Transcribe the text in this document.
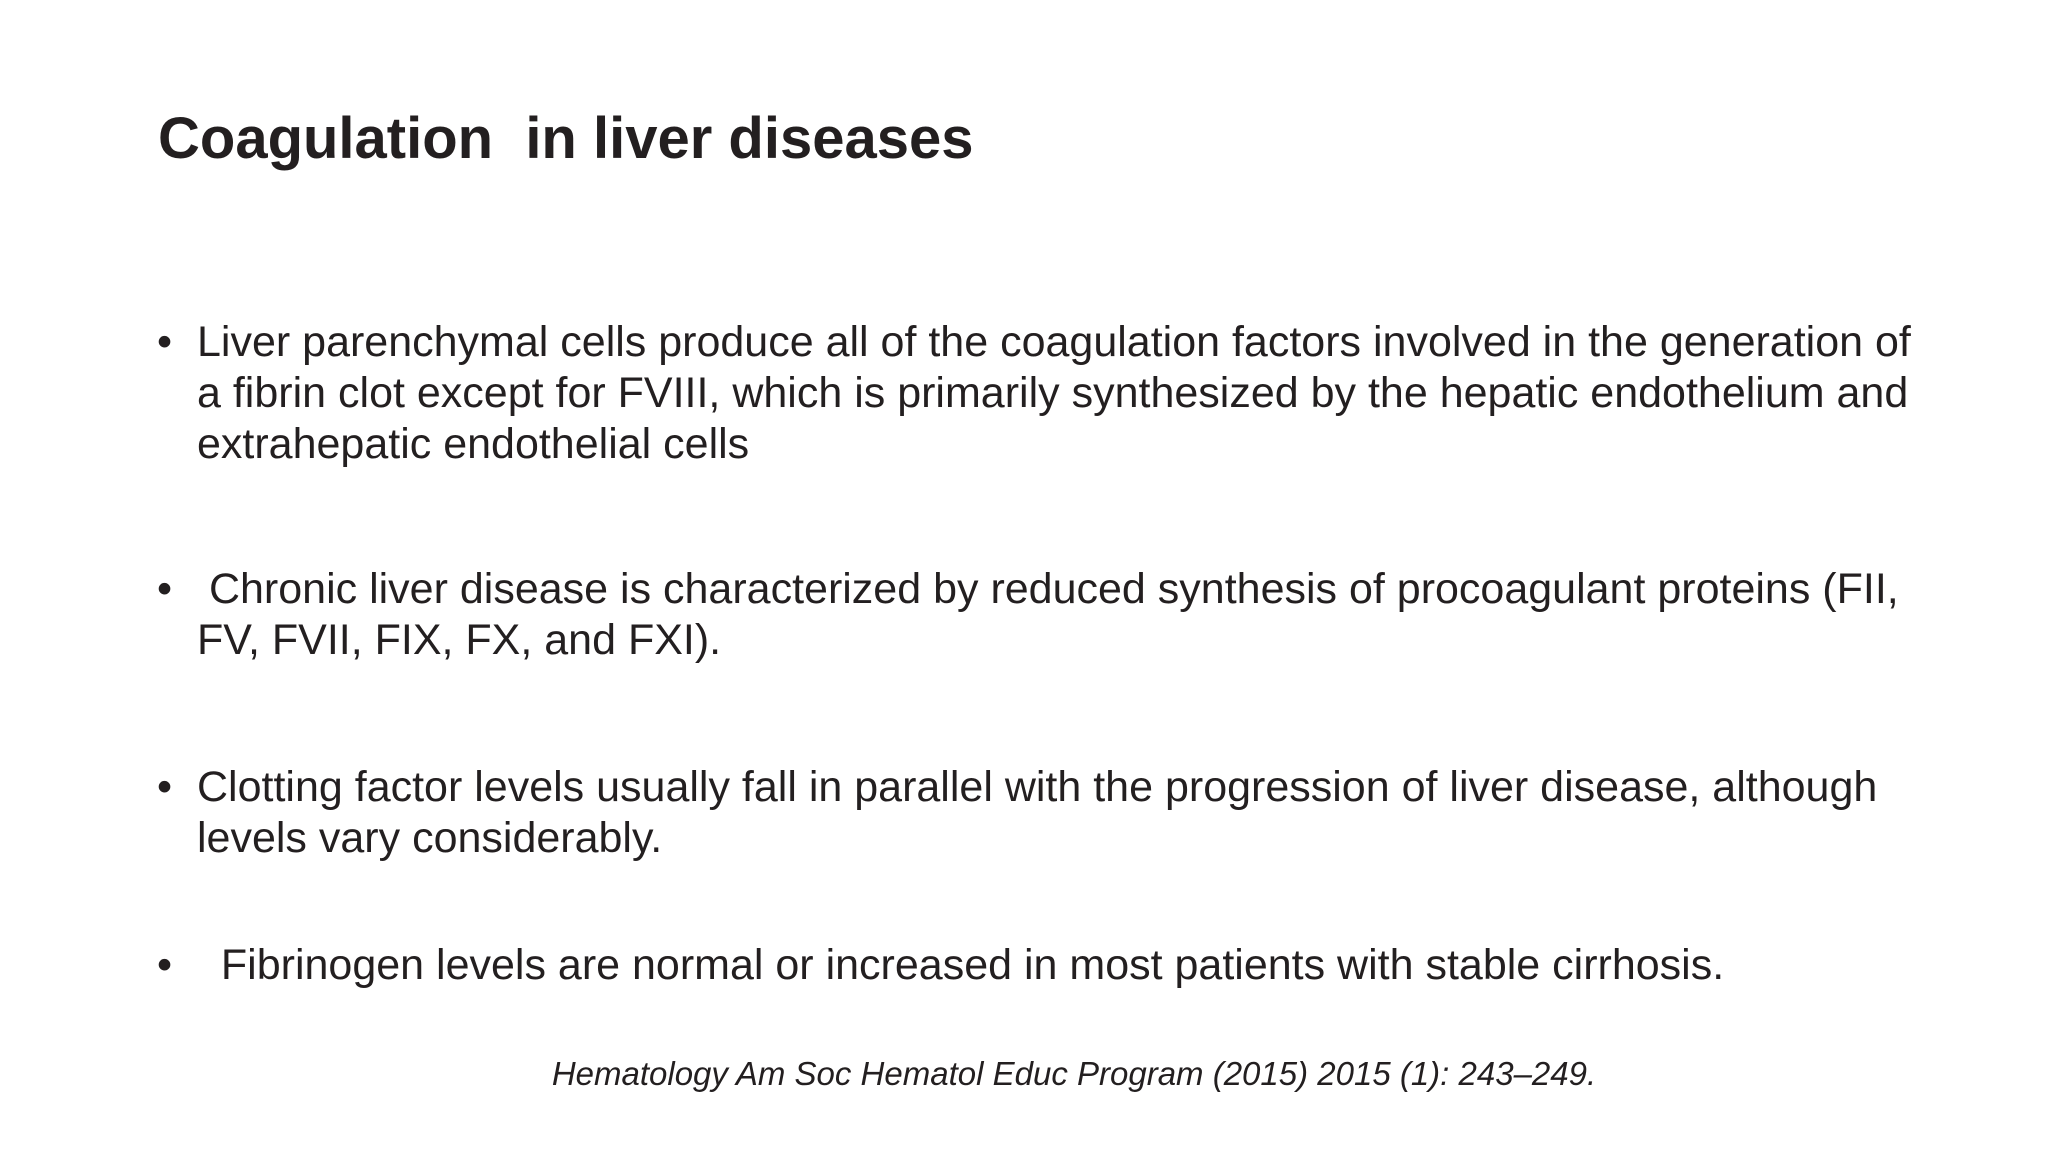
Coagulation  in liver diseases
• Liver parenchymal cells produce all of the coagulation factors involved in the generation of a fibrin clot except for FVIII, which is primarily synthesized by the hepatic endothelium and extrahepatic endothelial cells
• Chronic liver disease is characterized by reduced synthesis of procoagulant proteins (FII, FV, FVII, FIX, FX, and FXI).
• Clotting factor levels usually fall in parallel with the progression of liver disease, although levels vary considerably.
• Fibrinogen levels are normal or increased in most patients with stable cirrhosis.
Hematology Am Soc Hematol Educ Program (2015) 2015 (1): 243–249.
